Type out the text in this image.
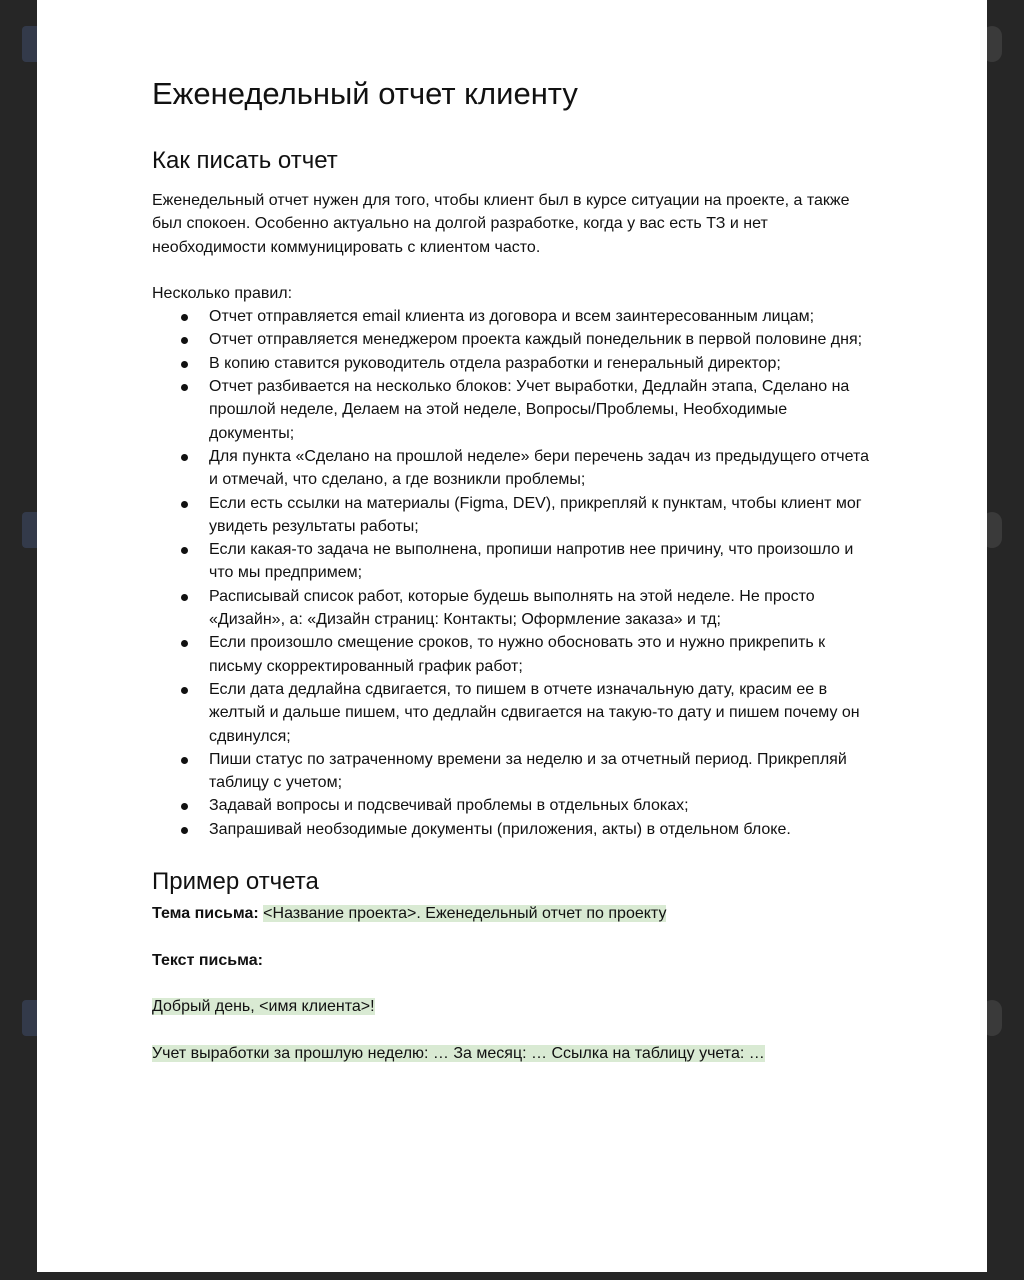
Еженедельный отчет клиенту
Как писать отчет

Еженедельный отчет нужен для того, чтобы клиент был в курсе ситуации на проекте, а также был спокоен. Особенно актуально на долгой разработке, когда у вас есть ТЗ и нет необходимости коммуницировать с клиентом часто.

Несколько правил:

Отчет отправляется email клиента из договора и всем заинтересованным лицам;
Отчет отправляется менеджером проекта каждый понедельник в первой половине дня;
В копию ставится руководитель отдела разработки и генеральный директор;
Отчет разбивается на несколько блоков: Учет выработки, Дедлайн этапа, Сделано на прошлой неделе, Делаем на этой неделе, Вопросы/Проблемы, Необходимые документы;
Для пункта «Сделано на прошлой неделе» бери перечень задач из предыдущего отчета и отмечай, что сделано, а где возникли проблемы;
Если есть ссылки на материалы (Figma, DEV), прикрепляй к пунктам, чтобы клиент мог увидеть результаты работы;
Если какая-то задача не выполнена, пропиши напротив нее причину, что произошло и что мы предпримем;
Расписывай список работ, которые будешь выполнять на этой неделе. Не просто «Дизайн», а: «Дизайн страниц: Контакты; Оформление заказа» и тд;
Если произошло смещение сроков, то нужно обосновать это и нужно прикрепить к письму скорректированный график работ;
Если дата дедлайна сдвигается, то пишем в отчете изначальную дату, красим ее в желтый и дальше пишем, что дедлайн сдвигается на такую-то дату и пишем почему он сдвинулся;
Пиши статус по затраченному времени за неделю и за отчетный период. Прикрепляй таблицу с учетом;
Задавай вопросы и подсвечивай проблемы в отдельных блоках;
Запрашивай необзодимые документы (приложения, акты) в отдельном блоке.
Пример отчета
Тема письма: <Название проекта>. Еженедельный отчет по проекту
Текст письма:
Добрый день, <имя клиента>!
Учет выработки за прошлую неделю: … За месяц: … Ссылка на таблицу учета: …
